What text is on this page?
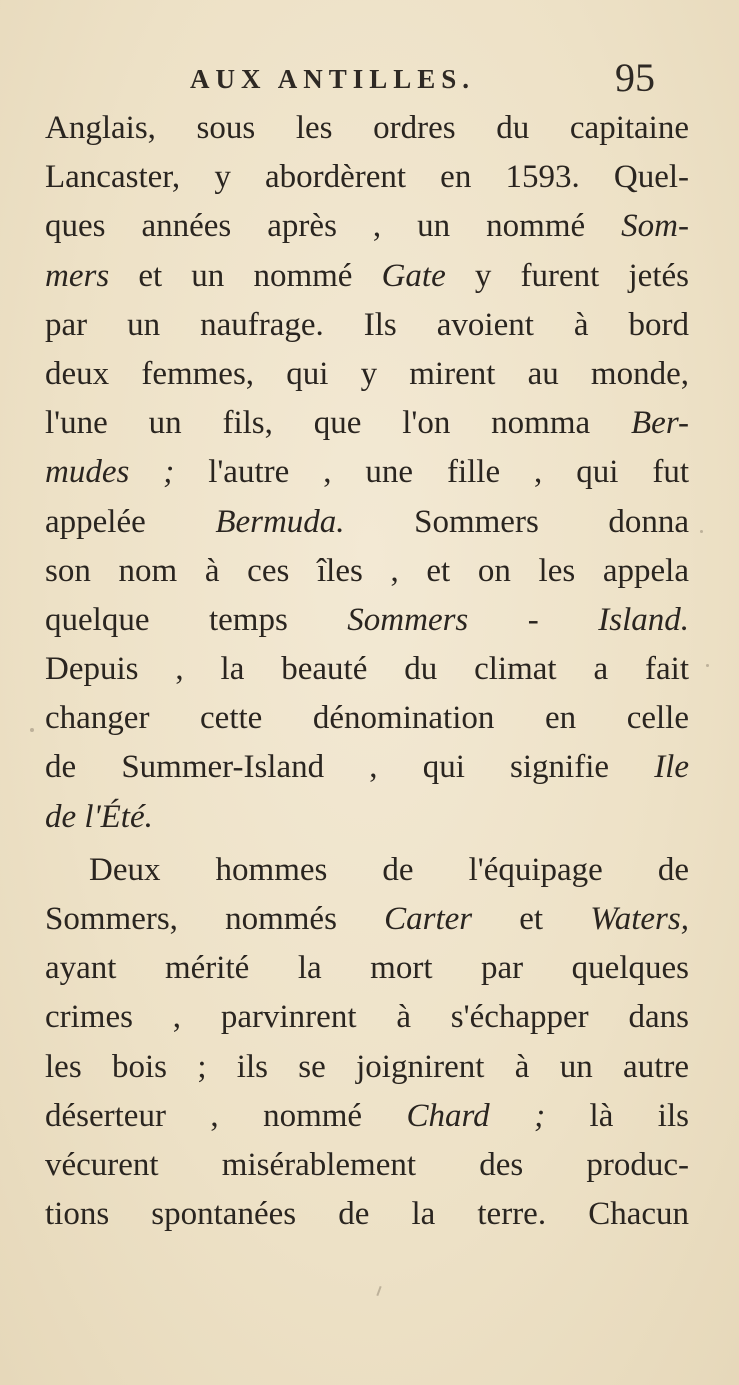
AUX ANTILLES.	95
Anglais, sous les ordres du capitaine
Lancaster, y abordèrent en 1593. Quel-
ques années après , un nommé Som-
mers et un nommé Gate y furent jetés
par un naufrage. Ils avoient à bord
deux femmes, qui y mirent au monde,
l'une un fils, que l'on nomma Ber-
mudes ; l'autre , une fille , qui fut
appelée Bermuda. Sommers donna
son nom à ces îles , et on les appela
quelque temps Sommers - Island.
Depuis , la beauté du climat a fait
changer cette dénomination en celle
de Summer-Island , qui signifie Ile
de l'Été.
Deux hommes de l'équipage de
Sommers, nommés Carter et Waters,
ayant mérité la mort par quelques
crimes , parvinrent à s'échapper dans
les bois ; ils se joignirent à un autre
déserteur , nommé Chard ; là ils
vécurent misérablement des produc-
tions spontanées de la terre. Chacun
